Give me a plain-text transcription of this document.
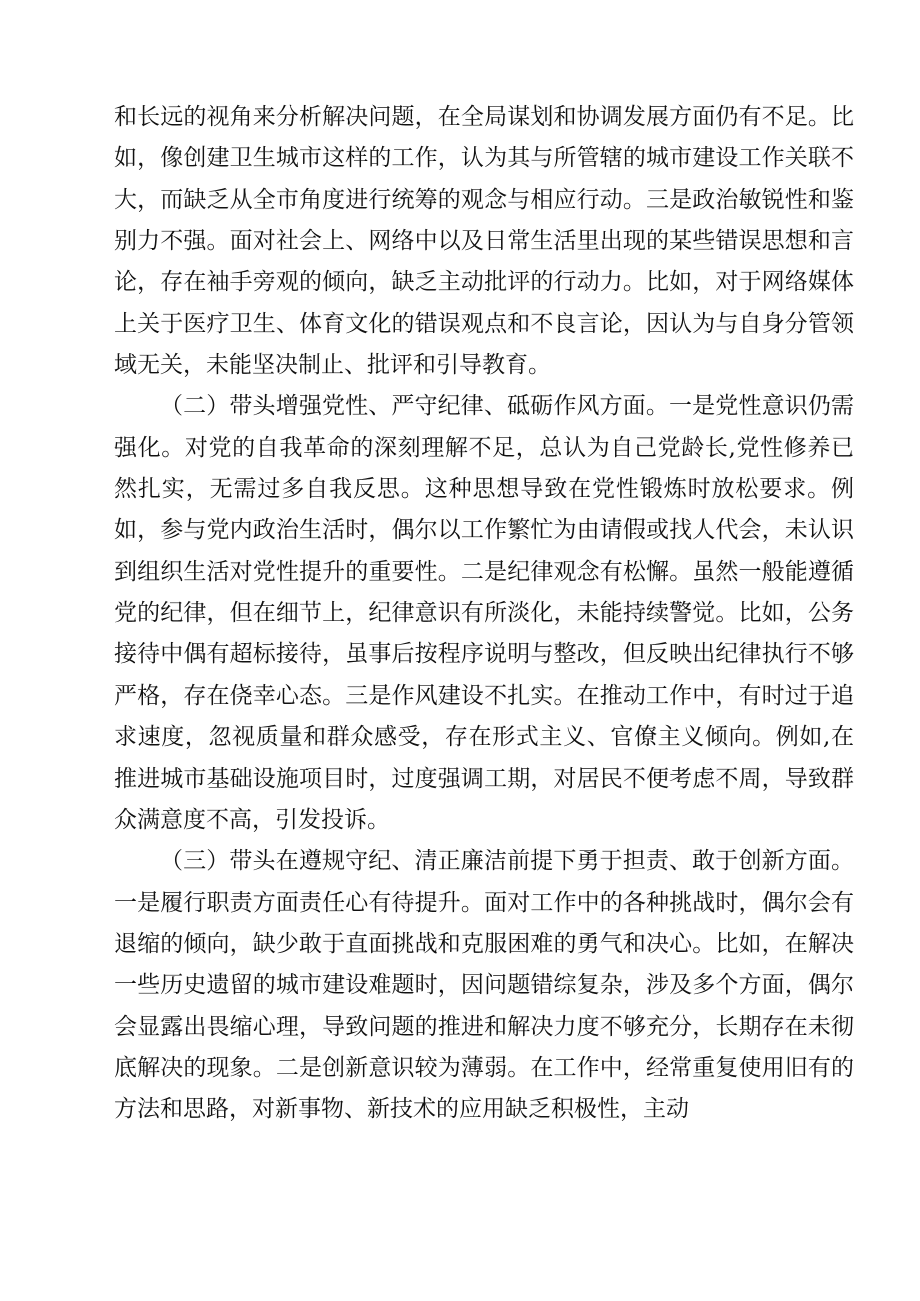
和长远的视角来分析解决问题，在全局谋划和协调发展方面仍有不足。比如，像创建卫生城市这样的工作，认为其与所管辖的城市建设工作关联不大，而缺乏从全市角度进行统筹的观念与相应行动。三是政治敏锐性和鉴别力不强。面对社会上、网络中以及日常生活里出现的某些错误思想和言论，存在袖手旁观的倾向，缺乏主动批评的行动力。比如，对于网络媒体上关于医疗卫生、体育文化的错误观点和不良言论，因认为与自身分管领域无关，未能坚决制止、批评和引导教育。

（二）带头增强党性、严守纪律、砥砺作风方面。一是党性意识仍需强化。对党的自我革命的深刻理解不足，总认为自己党龄长,党性修养已然扎实，无需过多自我反思。这种思想导致在党性锻炼时放松要求。例如，参与党内政治生活时，偶尔以工作繁忙为由请假或找人代会，未认识到组织生活对党性提升的重要性。二是纪律观念有松懈。虽然一般能遵循党的纪律，但在细节上，纪律意识有所淡化，未能持续警觉。比如，公务接待中偶有超标接待，虽事后按程序说明与整改，但反映出纪律执行不够严格，存在侥幸心态。三是作风建设不扎实。在推动工作中，有时过于追求速度，忽视质量和群众感受，存在形式主义、官僚主义倾向。例如,在推进城市基础设施项目时，过度强调工期，对居民不便考虑不周，导致群众满意度不高，引发投诉。

（三）带头在遵规守纪、清正廉洁前提下勇于担责、敢于创新方面。一是履行职责方面责任心有待提升。面对工作中的各种挑战时，偶尔会有退缩的倾向，缺少敢于直面挑战和克服困难的勇气和决心。比如，在解决一些历史遗留的城市建设难题时，因问题错综复杂，涉及多个方面，偶尔会显露出畏缩心理，导致问题的推进和解决力度不够充分，长期存在未彻底解决的现象。二是创新意识较为薄弱。在工作中，经常重复使用旧有的方法和思路，对新事物、新技术的应用缺乏积极性，主动
